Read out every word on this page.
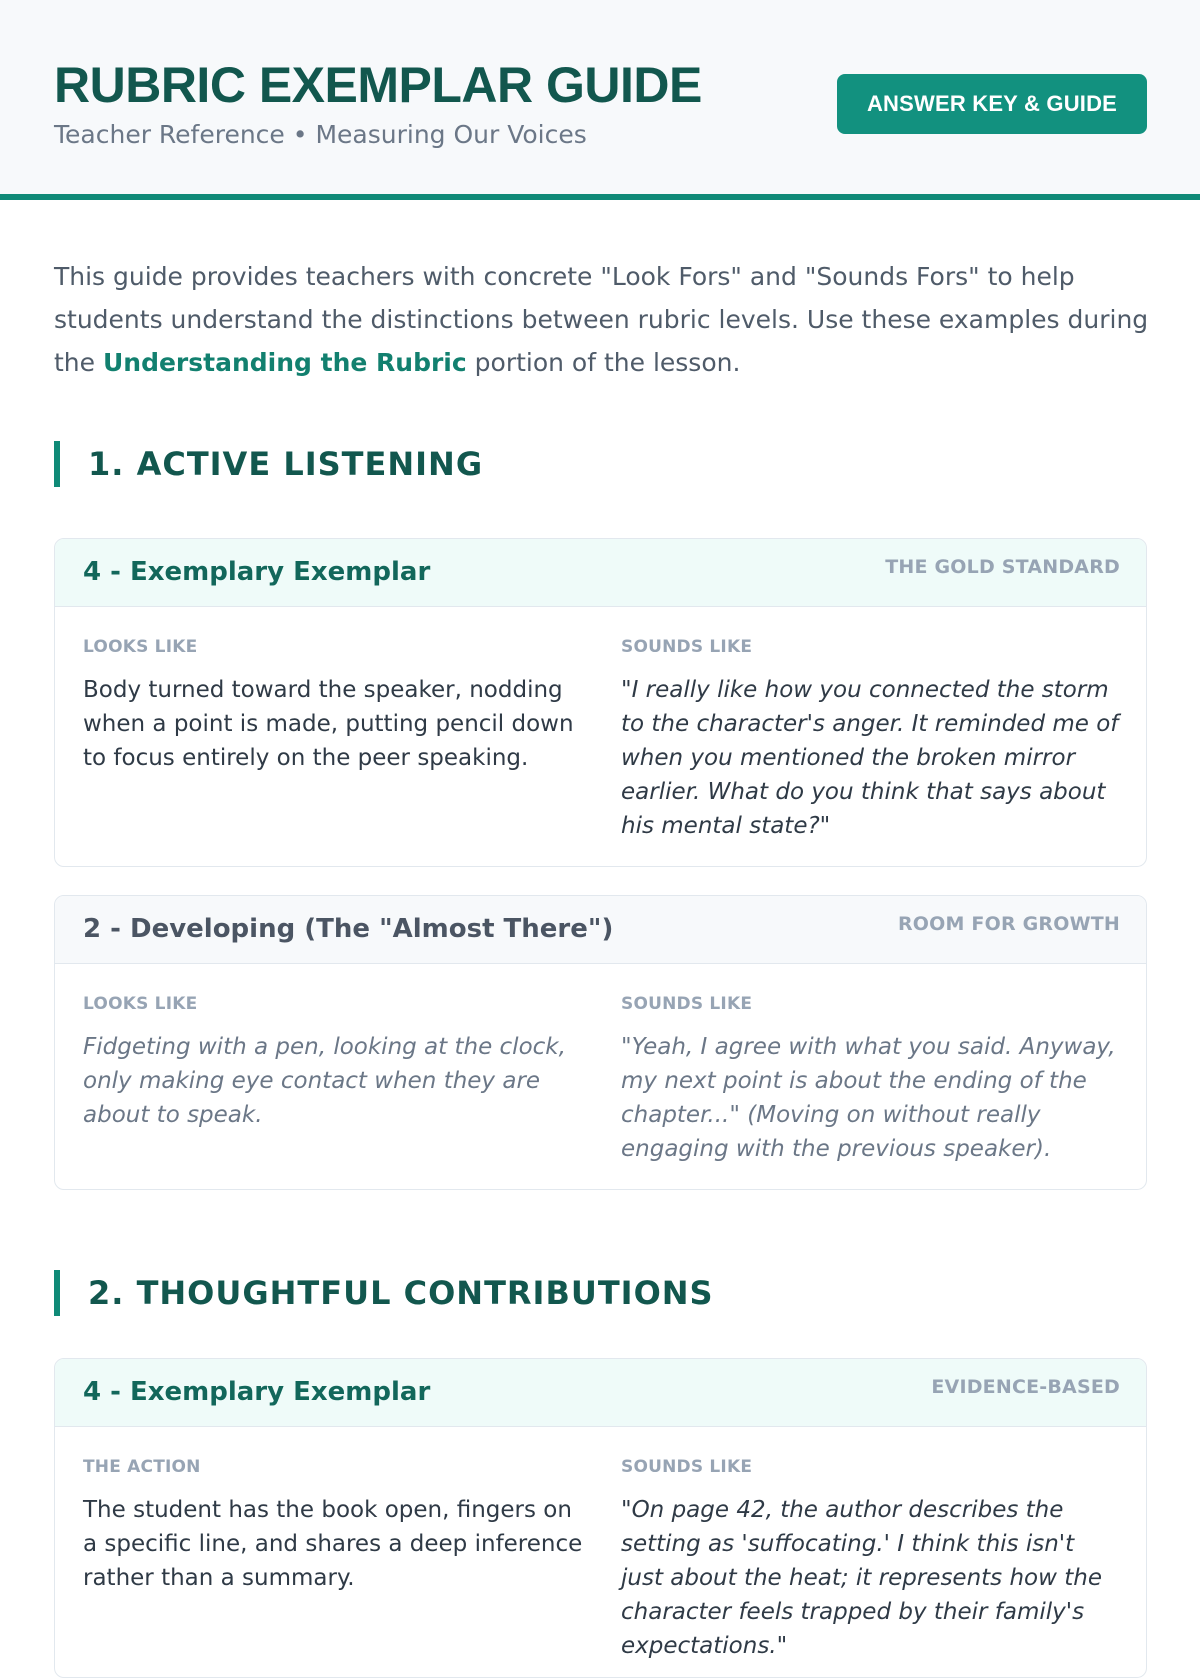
RUBRIC EXEMPLAR GUIDE
Teacher Reference • Measuring Our Voices
ANSWER KEY & GUIDE

This guide provides teachers with concrete "Look Fors" and "Sounds Fors" to help students understand the distinctions between rubric levels. Use these examples during the Understanding the Rubric portion of the lesson.

1. ACTIVE LISTENING
4 - Exemplary Exemplar	THE GOLD STANDARD
LOOKS LIKE
Body turned toward the speaker, nodding when a point is made, putting pencil down to focus entirely on the peer speaking.
SOUNDS LIKE
"I really like how you connected the storm to the character's anger. It reminded me of when you mentioned the broken mirror earlier. What do you think that says about his mental state?"
2 - Developing (The "Almost There")	ROOM FOR GROWTH
LOOKS LIKE
Fidgeting with a pen, looking at the clock, only making eye contact when they are about to speak.
SOUNDS LIKE
"Yeah, I agree with what you said. Anyway, my next point is about the ending of the chapter..." (Moving on without really engaging with the previous speaker).
2. THOUGHTFUL CONTRIBUTIONS
4 - Exemplary Exemplar	EVIDENCE-BASED
THE ACTION
The student has the book open, fingers on a specific line, and shares a deep inference rather than a summary.
SOUNDS LIKE
"On page 42, the author describes the setting as 'suffocating.' I think this isn't just about the heat; it represents how the character feels trapped by their family's expectations."
